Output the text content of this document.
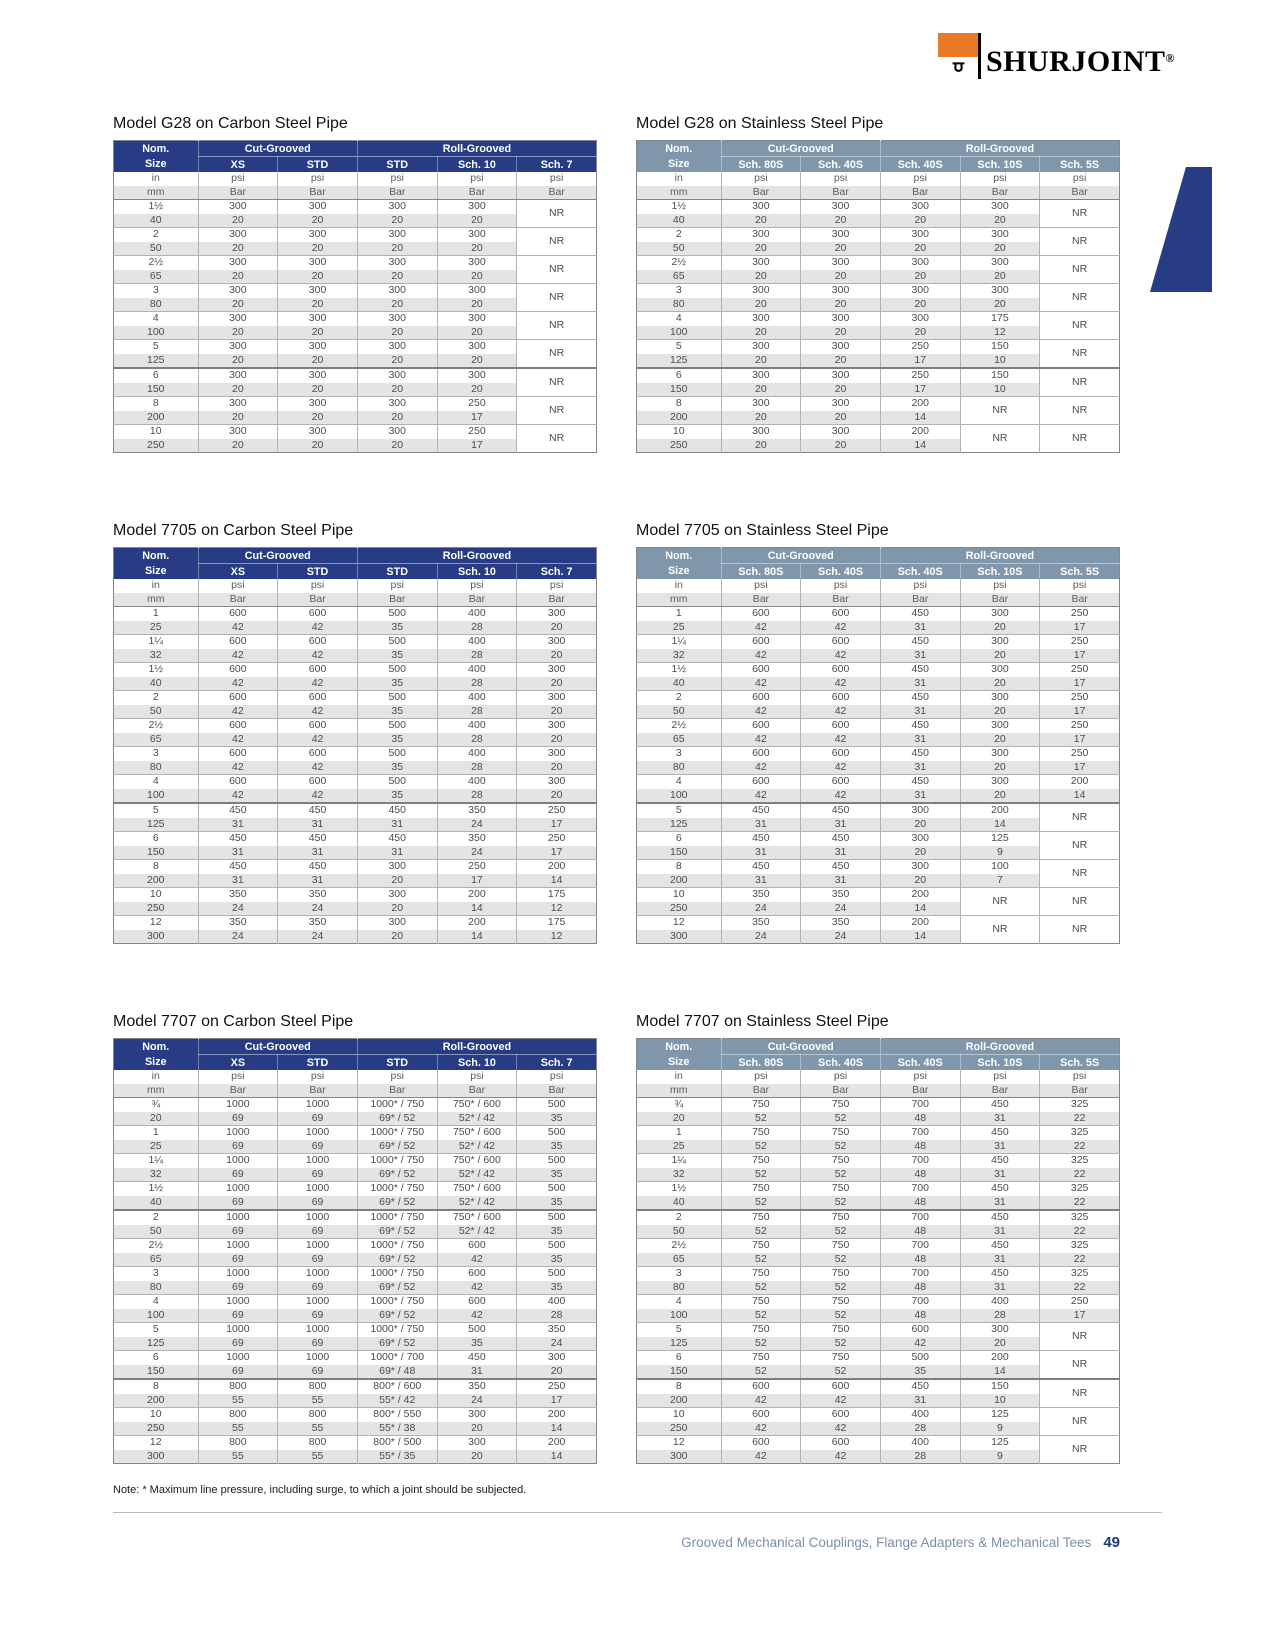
SHURJOINT®
Model G28 on Carbon Steel Pipe
Nom.	Cut-Grooved		Roll-Grooved		
Size	XS	STD	STD	Sch. 10	Sch. 7
in	psi	psi	psi	psi	psi
mm	Bar	Bar	Bar	Bar	Bar
1½	300	300	300	300	NR
40	20	20	20	20	
2	300	300	300	300	NR
50	20	20	20	20	
2½	300	300	300	300	NR
65	20	20	20	20	
3	300	300	300	300	NR
80	20	20	20	20	
4	300	300	300	300	NR
100	20	20	20	20	
5	300	300	300	300	NR
125	20	20	20	20	
6	300	300	300	300	NR
150	20	20	20	20	
8	300	300	300	250	NR
200	20	20	20	17	
10	300	300	300	250	NR
250	20	20	20	17	
Model G28 on Stainless Steel Pipe
Nom.	Cut-Grooved		Roll-Grooved		
Size	Sch. 80S	Sch. 40S	Sch. 40S	Sch. 10S	Sch. 5S
in	psi	psi	psi	psi	psi
mm	Bar	Bar	Bar	Bar	Bar
1½	300	300	300	300	NR
40	20	20	20	20	
2	300	300	300	300	NR
50	20	20	20	20	
2½	300	300	300	300	NR
65	20	20	20	20	
3	300	300	300	300	NR
80	20	20	20	20	
4	300	300	300	175	NR
100	20	20	20	12	
5	300	300	250	150	NR
125	20	20	17	10	
6	300	300	250	150	NR
150	20	20	17	10	
8	300	300	200	NR	NR
200	20	20	14		
10	300	300	200	NR	NR
250	20	20	14		
Model 7705 on Carbon Steel Pipe
Nom.	Cut-Grooved		Roll-Grooved		
Size	XS	STD	STD	Sch. 10	Sch. 7
in	psi	psi	psi	psi	psi
mm	Bar	Bar	Bar	Bar	Bar
1	600	600	500	400	300
25	42	42	35	28	20
1¼	600	600	500	400	300
32	42	42	35	28	20
1½	600	600	500	400	300
40	42	42	35	28	20
2	600	600	500	400	300
50	42	42	35	28	20
2½	600	600	500	400	300
65	42	42	35	28	20
3	600	600	500	400	300
80	42	42	35	28	20
4	600	600	500	400	300
100	42	42	35	28	20
5	450	450	450	350	250
125	31	31	31	24	17
6	450	450	450	350	250
150	31	31	31	24	17
8	450	450	300	250	200
200	31	31	20	17	14
10	350	350	300	200	175
250	24	24	20	14	12
12	350	350	300	200	175
300	24	24	20	14	12
Model 7705 on Stainless Steel Pipe
Nom.	Cut-Grooved		Roll-Grooved		
Size	Sch. 80S	Sch. 40S	Sch. 40S	Sch. 10S	Sch. 5S
in	psi	psi	psi	psi	psi
mm	Bar	Bar	Bar	Bar	Bar
1	600	600	450	300	250
25	42	42	31	20	17
1¼	600	600	450	300	250
32	42	42	31	20	17
1½	600	600	450	300	250
40	42	42	31	20	17
2	600	600	450	300	250
50	42	42	31	20	17
2½	600	600	450	300	250
65	42	42	31	20	17
3	600	600	450	300	250
80	42	42	31	20	17
4	600	600	450	300	200
100	42	42	31	20	14
5	450	450	300	200	NR
125	31	31	20	14	
6	450	450	300	125	NR
150	31	31	20	9	
8	450	450	300	100	NR
200	31	31	20	7	
10	350	350	200	NR	NR
250	24	24	14		
12	350	350	200	NR	NR
300	24	24	14		
Model 7707 on Carbon Steel Pipe
Nom.	Cut-Grooved		Roll-Grooved		
Size	XS	STD	STD	Sch. 10	Sch. 7
in	psi	psi	psi	psi	psi
mm	Bar	Bar	Bar	Bar	Bar
¾	1000	1000	1000* / 750	750* / 600	500
20	69	69	69* / 52	52* / 42	35
1	1000	1000	1000* / 750	750* / 600	500
25	69	69	69* / 52	52* / 42	35
1¼	1000	1000	1000* / 750	750* / 600	500
32	69	69	69* / 52	52* / 42	35
1½	1000	1000	1000* / 750	750* / 600	500
40	69	69	69* / 52	52* / 42	35
2	1000	1000	1000* / 750	750* / 600	500
50	69	69	69* / 52	52* / 42	35
2½	1000	1000	1000* / 750	600	500
65	69	69	69* / 52	42	35
3	1000	1000	1000* / 750	600	500
80	69	69	69* / 52	42	35
4	1000	1000	1000* / 750	600	400
100	69	69	69* / 52	42	28
5	1000	1000	1000* / 750	500	350
125	69	69	69* / 52	35	24
6	1000	1000	1000* / 700	450	300
150	69	69	69* / 48	31	20
8	800	800	800* / 600	350	250
200	55	55	55* / 42	24	17
10	800	800	800* / 550	300	200
250	55	55	55* / 38	20	14
12	800	800	800* / 500	300	200
300	55	55	55* / 35	20	14
Model 7707 on Stainless Steel Pipe
Nom.	Cut-Grooved		Roll-Grooved		
Size	Sch. 80S	Sch. 40S	Sch. 40S	Sch. 10S	Sch. 5S
in	psi	psi	psi	psi	psi
mm	Bar	Bar	Bar	Bar	Bar
¾	750	750	700	450	325
20	52	52	48	31	22
1	750	750	700	450	325
25	52	52	48	31	22
1¼	750	750	700	450	325
32	52	52	48	31	22
1½	750	750	700	450	325
40	52	52	48	31	22
2	750	750	700	450	325
50	52	52	48	31	22
2½	750	750	700	450	325
65	52	52	48	31	22
3	750	750	700	450	325
80	52	52	48	31	22
4	750	750	700	400	250
100	52	52	48	28	17
5	750	750	600	300	NR
125	52	52	42	20	
6	750	750	500	200	NR
150	52	52	35	14	
8	600	600	450	150	NR
200	42	42	31	10	
10	600	600	400	125	NR
250	42	42	28	9	
12	600	600	400	125	NR
300	42	42	28	9	
Note: * Maximum line pressure, including surge, to which a joint should be subjected.
Grooved Mechanical Couplings, Flange Adapters & Mechanical Tees 49
